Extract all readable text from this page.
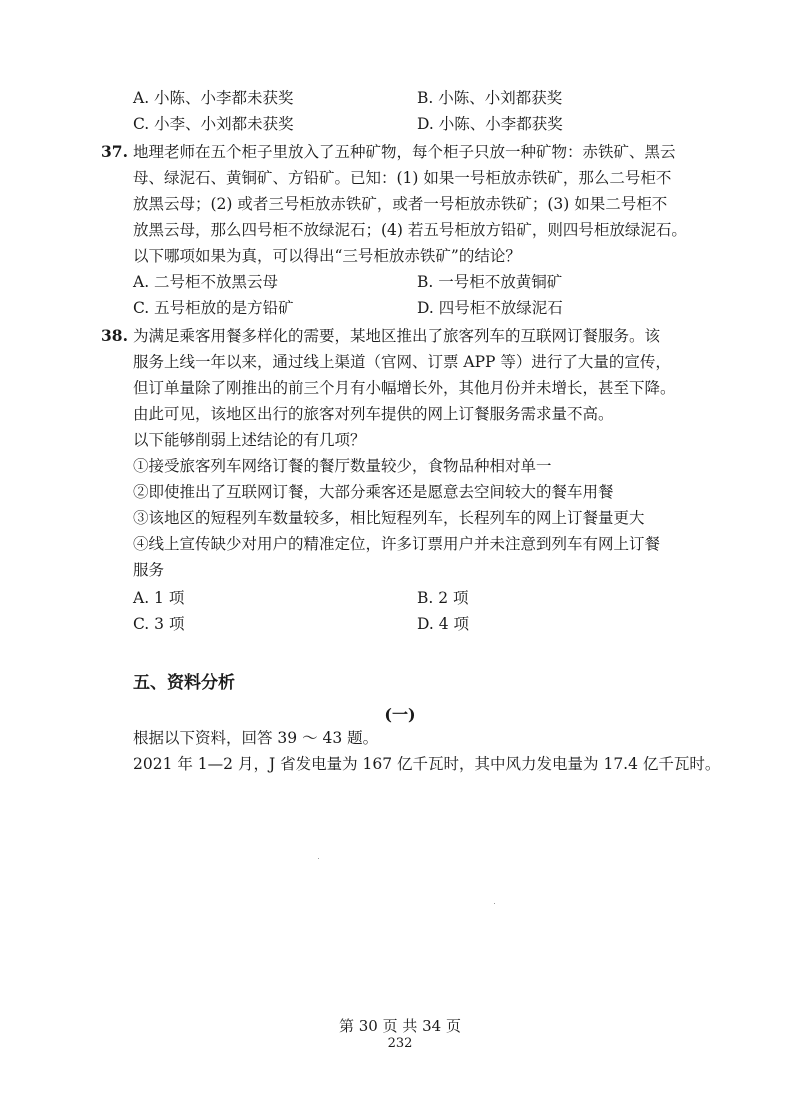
A. 小陈、小李都未获奖	B. 小陈、小刘都获奖
C. 小李、小刘都未获奖	D. 小陈、小李都获奖
37. 地理老师在五个柜子里放入了五种矿物，每个柜子只放一种矿物：赤铁矿、黑云
母、绿泥石、黄铜矿、方铅矿。已知：(1) 如果一号柜放赤铁矿，那么二号柜不
放黑云母；(2) 或者三号柜放赤铁矿，或者一号柜放赤铁矿；(3) 如果二号柜不
放黑云母，那么四号柜不放绿泥石；(4) 若五号柜放方铅矿，则四号柜放绿泥石。
以下哪项如果为真，可以得出“三号柜放赤铁矿”的结论？
A. 二号柜不放黑云母	B. 一号柜不放黄铜矿
C. 五号柜放的是方铅矿	D. 四号柜不放绿泥石
38. 为满足乘客用餐多样化的需要，某地区推出了旅客列车的互联网订餐服务。该
服务上线一年以来，通过线上渠道（官网、订票 APP 等）进行了大量的宣传，
但订单量除了刚推出的前三个月有小幅增长外，其他月份并未增长，甚至下降。
由此可见，该地区出行的旅客对列车提供的网上订餐服务需求量不高。
以下能够削弱上述结论的有几项？
①接受旅客列车网络订餐的餐厅数量较少，食物品种相对单一
②即使推出了互联网订餐，大部分乘客还是愿意去空间较大的餐车用餐
③该地区的短程列车数量较多，相比短程列车，长程列车的网上订餐量更大
④线上宣传缺少对用户的精准定位，许多订票用户并未注意到列车有网上订餐
服务
A. 1 项	B. 2 项
C. 3 项	D. 4 项
五、资料分析
(一)
根据以下资料，回答 39 ～ 43 题。
2021 年 1—2 月，J 省发电量为 167 亿千瓦时，其中风力发电量为 17.4 亿千瓦时。
第 30 页 共 34 页
232
